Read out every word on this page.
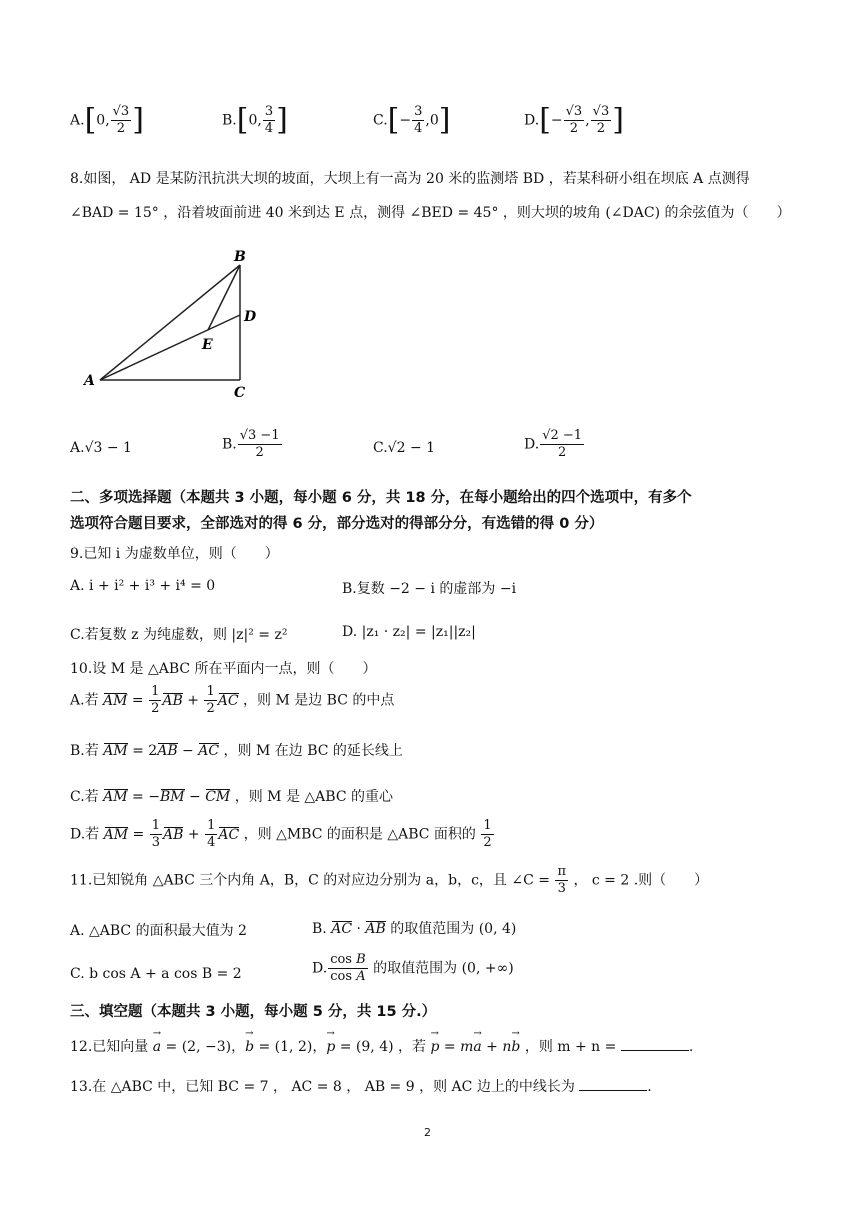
A.[0, $\frac{√3}{2}$ ]	B.[0, $\frac{3}{4}$ ]	$C.[- \frac{3}{4} ,0]$	$D.[- \frac{√3}{2}$ , $\frac{√3}{2}$ ]
8.如图， AD 是某防汛抗洪大坝的坡面，大坝上有一高为 20 米的监测塔 BD ，若某科研小组在坝底 A 点测得
∠BAD = 15° ，沿着坡面前进 40 米到达 E 点，测得 ∠BED = 45° ，则大坝的坡角 (∠DAC) 的余弦值为（　　）
A
B
C
D
E
A.√3 − 1	B. $\frac{√3 -1}{2}$	C.√2 − 1	D. $\frac{√2 -1}{2}$
二、多项选择题（本题共 3 小题，每小题 6 分，共 18 分，在每小题给出的四个选项中，有多个
选项符合题目要求，全部选对的得 6 分，部分选对的得部分分，有选错的得 0 分）
9.已知 i 为虚数单位，则（　　）
A. i + i² + i³ + i⁴ = 0	B.复数 −2 − i 的虚部为 −i
C.若复数 z 为纯虚数，则 |z|² = z²	D. |z₁ · z₂| = |z₁||z₂|
10.设 M 是 △ABC 所在平面内一点，则（　　）
A.若 AM = $\frac{1}{2}$ AB + $\frac{1}{2}$ AC ，则 M 是边 BC 的中点
B.若 AM = 2AB − AC ，则 M 在边 BC 的延长线上
C.若 AM = −BM − CM ，则 M 是 △ABC 的重心
D.若 AM = $\frac{1}{3}$ AB + $\frac{1}{4}$ AC ，则 △MBC 的面积是 △ABC 面积的 $\frac{1}{2}$
11.已知锐角 △ABC 三个内角 A，B，C 的对应边分别为 a，b，c，且 ∠C = $\frac{\pi}{3}$ ， c = 2 .则（　　）
A. △ABC 的面积最大值为 2	B. AC · AB 的取值范围为 (0, 4)
C. b cos A + a cos B = 2	D. $\frac{\text{cos B}}{\text{cos A}}$ 的取值范围为 (0, +∞)
三、填空题（本题共 3 小题，每小题 5 分，共 15 分.）
12.已知向量 a → = (2, −3)，b → = (1, 2)，p → = (9, 4) ，若 p → = ma → + nb → ，则 m + n =	.
13.在 △ABC 中，已知 BC = 7 ， AC = 8 ， AB = 9 ，则 AC 边上的中线长为	.
2
